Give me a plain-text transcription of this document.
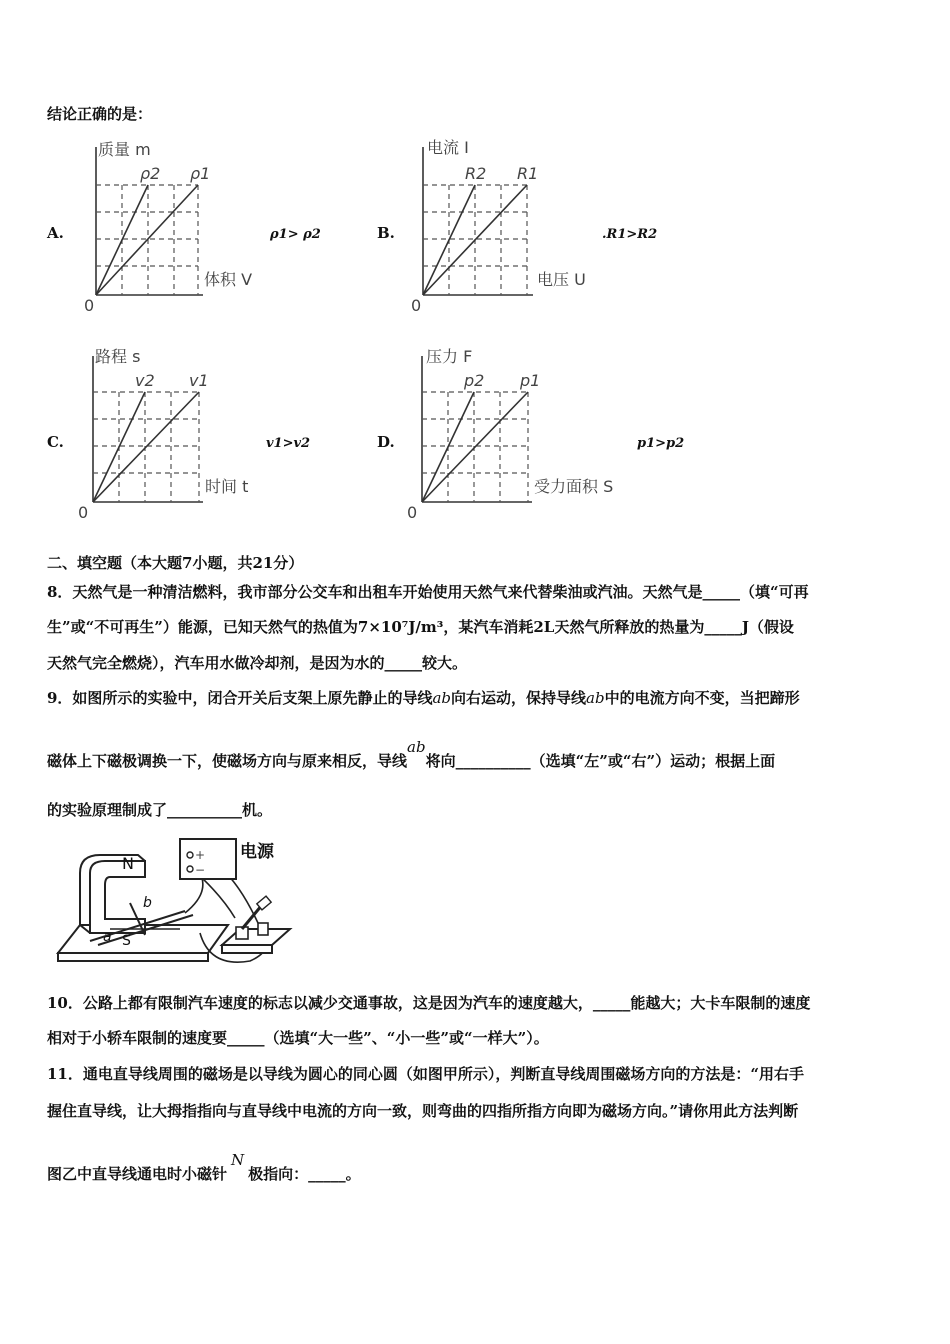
结论正确的是：
A.
质量 m
体积 V
ρ2 ρ1
0
ρ1> ρ2	B.
电流 I
电压 U
R2 R1
0
.R1>R2
C.
路程 s
时间 t
v2 v1
0
v1>v2	D.
压力 F
受力面积 S
p2 p1
0
p1>p2
二、填空题（本大题7小题，共21分）
8．天然气是一种清洁燃料，我市部分公交车和出租车开始使用天然气来代替柴油或汽油。天然气是_____（填“可再
生”或“不可再生”）能源，已知天然气的热值为7×10⁷J/m³，某汽车消耗2L天然气所释放的热量为_____J（假设
天然气完全燃烧），汽车用水做冷却剂，是因为水的_____较大。
9．如图所示的实验中，闭合开关后支架上原先静止的导线ab向右运动，保持导线ab中的电流方向不变，当把蹄形
磁体上下磁极调换一下，使磁场方向与原来相反，导线ab将向__________（选填“左”或“右”）运动；根据上面
的实验原理制成了__________机。
+
−
电源
N
S
a
b
10．公路上都有限制汽车速度的标志以减少交通事故，这是因为汽车的速度越大，_____能越大；大卡车限制的速度
相对于小轿车限制的速度要_____（选填“大一些”、“小一些”或“一样大”）。
11．通电直导线周围的磁场是以导线为圆心的同心圆（如图甲所示），判断直导线周围磁场方向的方法是：“用右手
握住直导线，让大拇指指向与直导线中电流的方向一致，则弯曲的四指所指方向即为磁场方向。”请你用此方法判断
图乙中直导线通电时小磁针N极指向：_____。
